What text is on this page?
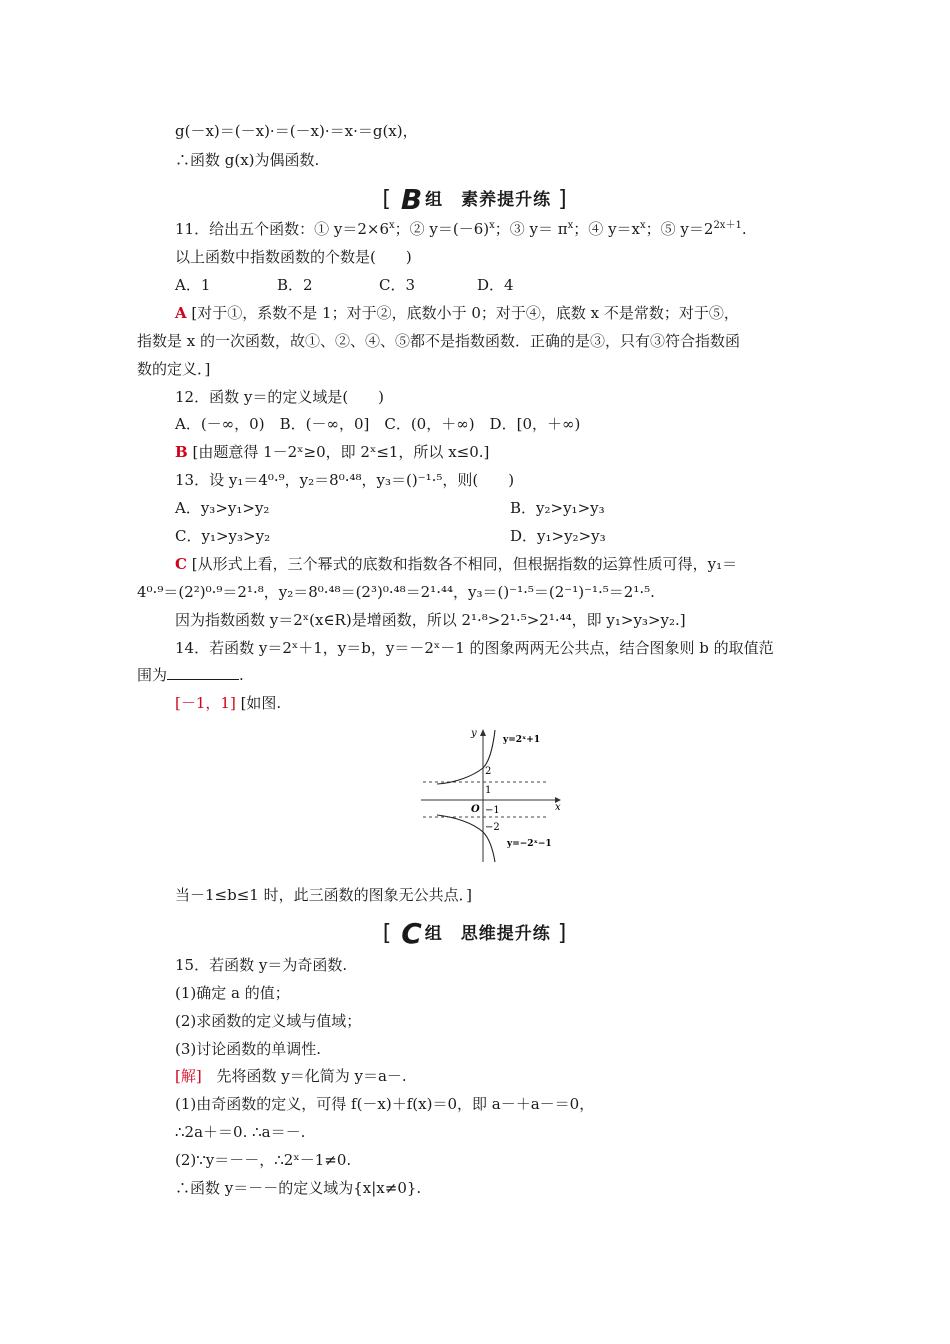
g(－x)＝(－x)·＝(－x)·＝x·＝g(x)，
∴函数 g(x)为偶函数.
[ B 组　素养提升练 ]
11．给出五个函数：① $y=2\times 6^x$；② $y=(-6)^x$；③ $y= \pi^x$；④ $y=x^x$；⑤ $y=2^{2x+1}$.
以上函数中指数函数的个数是(　　)
A．1	B．2	C．3	D．4
A [对于①，系数不是 1；对于②，底数小于 0；对于④，底数 x 不是常数；对于⑤，
指数是 x 的一次函数，故①、②、④、⑤都不是指数函数．正确的是③，只有③符合指数函
数的定义．]
12．函数 y＝的定义域是(　　)
A．(－∞，0)　B．(－∞，0]　C．(0，＋∞)　D．[0，＋∞)
B [由题意得 1－2ˣ≥0，即 2ˣ≤1，所以 x≤0.]
13．设 y₁＝4⁰·⁹，y₂＝8⁰·⁴⁸，y₃＝()⁻¹·⁵，则(　　)
A．y₃>y₁>y₂	B．y₂>y₁>y₃
C．y₁>y₃>y₂	D．y₁>y₂>y₃
C [从形式上看，三个幂式的底数和指数各不相同，但根据指数的运算性质可得，y₁＝
4⁰·⁹＝(2²)⁰·⁹＝2¹·⁸，y₂＝8⁰·⁴⁸＝(2³)⁰·⁴⁸＝2¹·⁴⁴，y₃＝()⁻¹·⁵＝(2⁻¹)⁻¹·⁵＝2¹·⁵.
因为指数函数 y＝2ˣ(x∈R)是增函数，所以 2¹·⁸>2¹·⁵>2¹·⁴⁴，即 y₁>y₃>y₂.]
14．若函数 y＝2ˣ＋1，y＝b，y＝－2ˣ－1 的图象两两无公共点，结合图象则 b 的取值范
围为	.
[－1，1] [如图.
y
x
O
y=2ˣ+1
y=−2ˣ−1
2
1
−1
−2
当－1≤b≤1 时，此三函数的图象无公共点．]
[ C 组　思维提升练 ]
15．若函数 y＝为奇函数.
(1)确定 a 的值；
(2)求函数的定义域与值域；
(3)讨论函数的单调性.
[解] 先将函数 y＝化简为 y＝a－.
(1)由奇函数的定义，可得 f(－x)＋f(x)＝0，即 a－＋a－＝0，
∴2a＋＝0. ∴a＝－.
(2)∵y＝－－，∴2ˣ－1≠0.
∴函数 y＝－－的定义域为{x|x≠0}.
